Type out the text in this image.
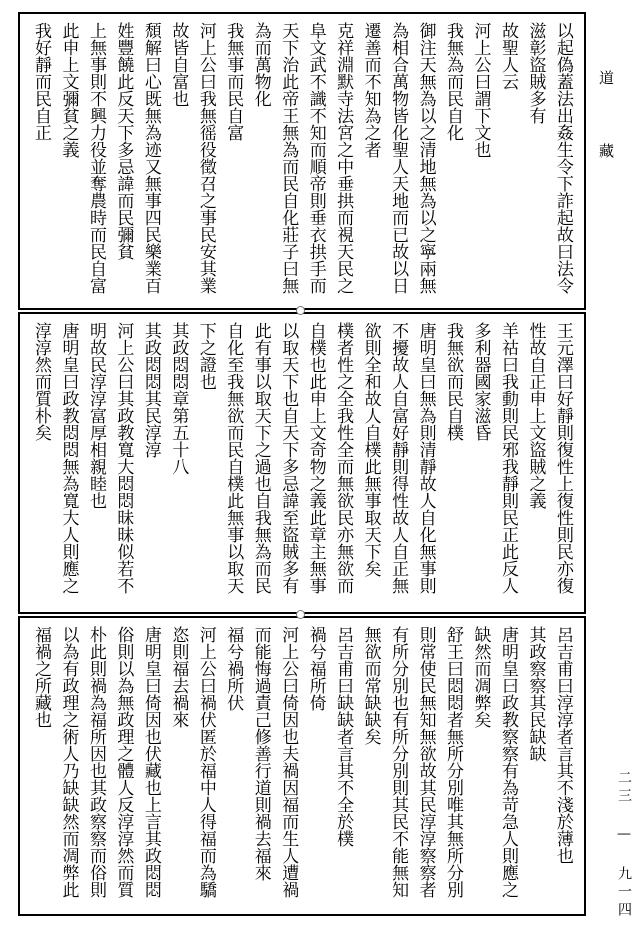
以起偽蓋法出姦生令下詐起故曰法令
滋彰盜賊多有
故聖人云
河上公曰謂下文也
我無為而民自化
御注天無為以之清地無為以之寧兩無
為相合萬物皆化聖人天地而已故以日
遷善而不知為之者
克祥淵默寺法宮之中垂拱而視天民之
阜文武不識不知而順帝則垂衣拱手而
天下治此帝王無為而民自化莊子曰無
為而萬物化
我無事而民自富
河上公曰我無徭役徵召之事民安其業
故皆自富也
頹解曰心既無為迹又無事四民樂業百
姓豐饒此反天下多忌諱而民彌貧
上無事則不興力役並奪農時而民自富
此申上文彌貧之義
我好靜而民自正
王元澤曰好靜則復性上復性則民亦復
性故自正申上文盜賊之義
羊祜曰我動則民邪我靜則民正此反人
多利器國家滋昏
我無欲而民自樸
唐明皇曰無為則清靜故人自化無事則
不擾故人自富好靜則得性故人自正無
欲則全和故人自樸此無事取天下矣
樸者性之全我性全而無欲民亦無欲而
自樸也此申上文奇物之義此章主無事
以取天下也自天下多忌諱至盜賊多有
此有事以取天下之過也自我無為而民
自化至我無欲而民自樸此無事以取天
下之證也
其政悶悶章第五十八
其政悶悶其民淳淳
河上公曰其政教寬大悶悶昧昧似若不
明故民淳淳富厚相親睦也
唐明皇曰政教悶悶無為寬大人則應之
淳淳然而質朴矣
呂吉甫曰淳淳者言其不淺於薄也
其政察察其民缺缺
唐明皇曰政教察察有為苛急人則應之
缺然而凋弊矣
舒王曰悶悶者無所分別唯其無所分別
則常使民無知無欲故其民淳淳察察者
有所分別也有所分別則其民不能無知
無欲而常缺缺矣
呂吉甫曰缺缺者言其不全於樸
禍兮福所倚
河上公曰倚因也夫禍因福而生人遭禍
而能悔過責己修善行道則禍去福來
福兮禍所伏
河上公曰禍伏匿於福中人得福而為驕
恣則福去禍來
唐明皇曰倚因也伏藏也上言其政悶悶
俗則以為無政理之體人反淳淳然而質
朴此則禍為福所因也其政察察而俗則
以為有政理之術人乃缺缺然而凋弊此
福禍之所藏也
道 藏
二三 — 九一四
